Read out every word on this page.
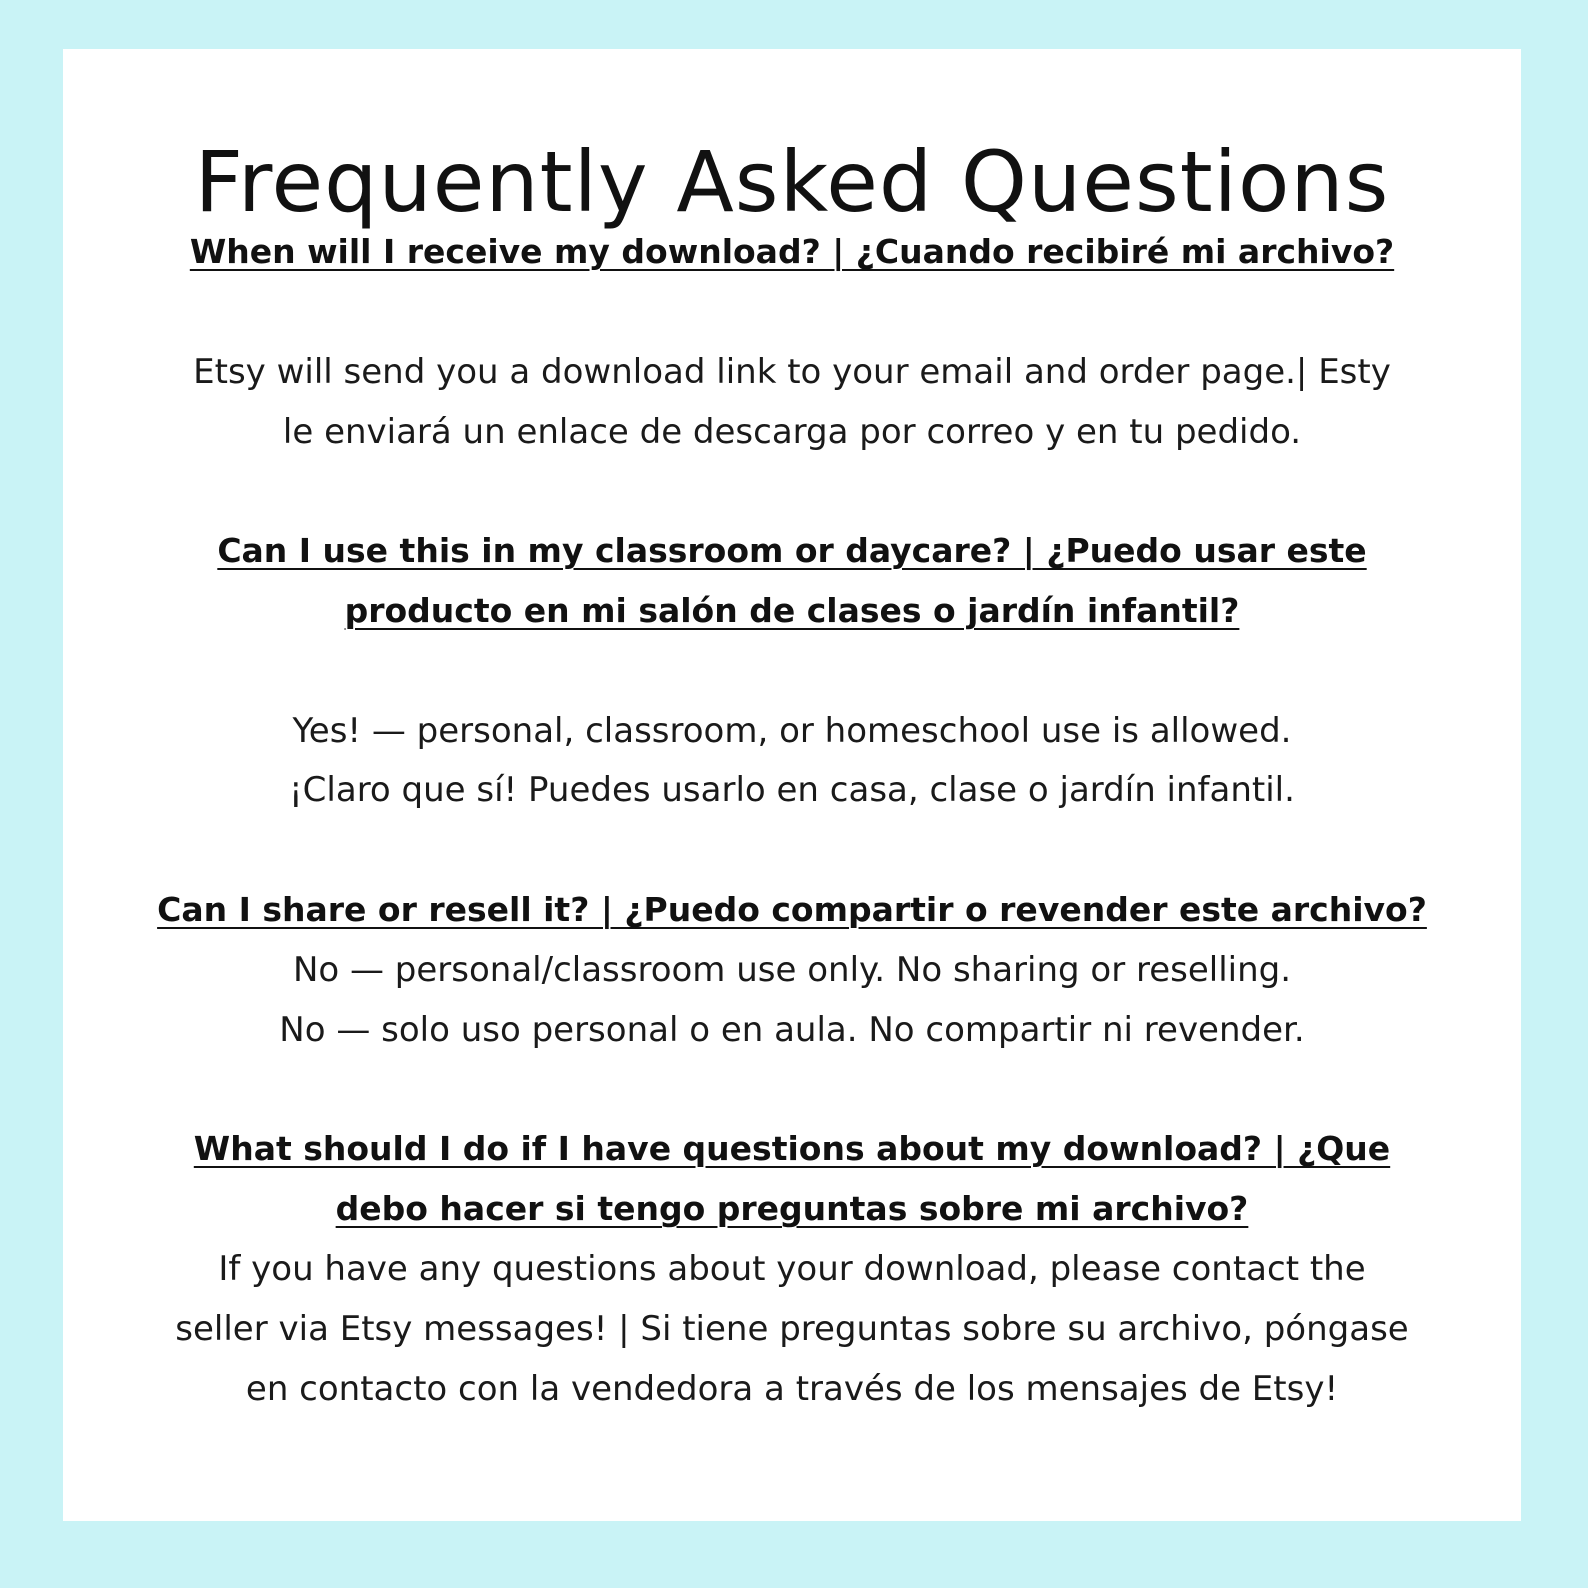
Frequently Asked Questions

When will I receive my download? | ¿Cuando recibiré mi archivo?

Etsy will send you a download link to your email and order page.| Esty

le enviará un enlace de descarga por correo y en tu pedido.

Can I use this in my classroom or daycare? | ¿Puedo usar este

producto en mi salón de clases o jardín infantil?

Yes! — personal, classroom, or homeschool use is allowed.

¡Claro que sí! Puedes usarlo en casa, clase o jardín infantil.

Can I share or resell it? | ¿Puedo compartir o revender este archivo?

No — personal/classroom use only. No sharing or reselling.

No — solo uso personal o en aula. No compartir ni revender.

What should I do if I have questions about my download? | ¿Que

debo hacer si tengo preguntas sobre mi archivo?

If you have any questions about your download, please contact the

seller via Etsy messages! | Si tiene preguntas sobre su archivo, póngase

en contacto con la vendedora a través de los mensajes de Etsy!
